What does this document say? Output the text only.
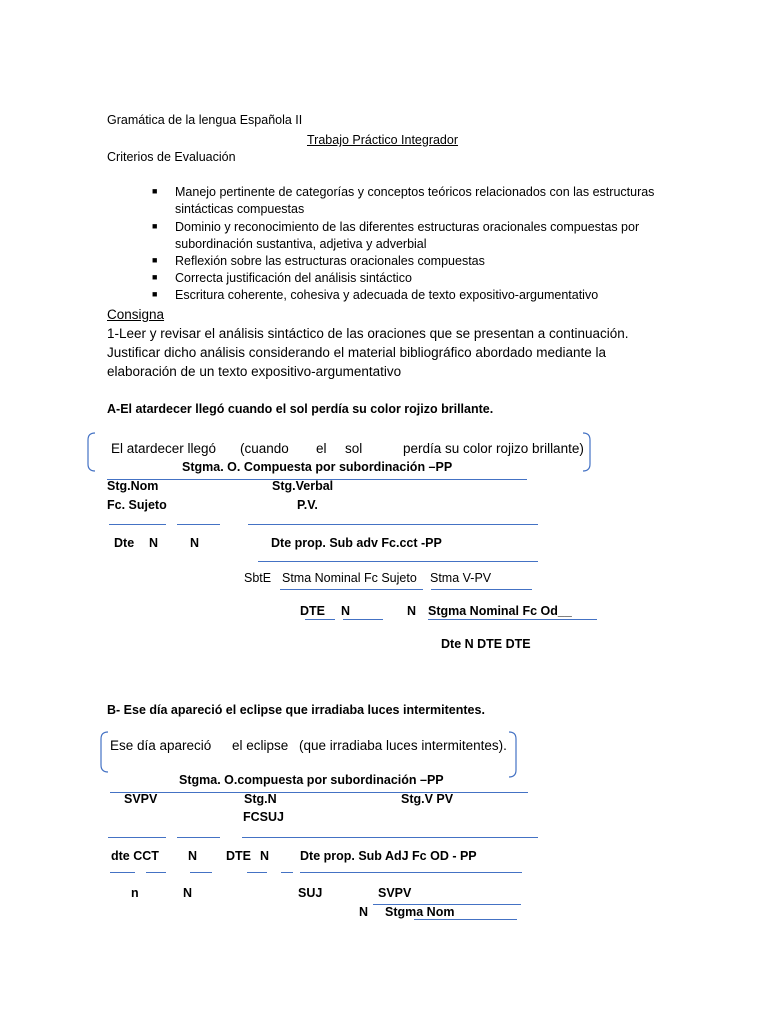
Gramática de la lengua Española II
Trabajo Práctico Integrador
Criterios de Evaluación
■ Manejo pertinente de categorías y conceptos teóricos relacionados con las estructuras
sintácticas compuestas
■ Dominio y reconocimiento de las diferentes estructuras oracionales compuestas por
subordinación sustantiva, adjetiva y adverbial
■ Reflexión sobre las estructuras oracionales compuestas
■ Correcta justificación del análisis sintáctico
■ Escritura coherente, cohesiva y adecuada de texto expositivo-argumentativo
Consigna
1-Leer y revisar el análisis sintáctico de las oraciones que se presentan a continuación.
Justificar dicho análisis considerando el material bibliográfico abordado mediante la
elaboración de un texto expositivo-argumentativo
A-El atardecer llegó cuando el sol perdía su color rojizo brillante.
El atardecer llegó (cuando el sol	perdía su color rojizo brillante)
Stgma. O. Compuesta por subordinación –PP
Stg.Nom	Stg.Verbal
Fc. Sujeto	P.V.
Dte N	N	Dte prop. Sub adv Fc.cct -PP
SbtE Stma Nominal Fc Sujeto Stma V-PV
DTE N	N Stgma Nominal Fc Od__
Dte N DTE DTE
B- Ese día apareció el eclipse que irradiaba luces intermitentes.
Ese día apareció el eclipse (que irradiaba luces intermitentes).
Stgma. O.compuesta por subordinación –PP
SVPV	Stg.N	Stg.V PV
FCSUJ
dte CCT N DTE N Dte prop. Sub AdJ Fc OD - PP
n	N	SUJ	SVPV
N Stgma Nom
